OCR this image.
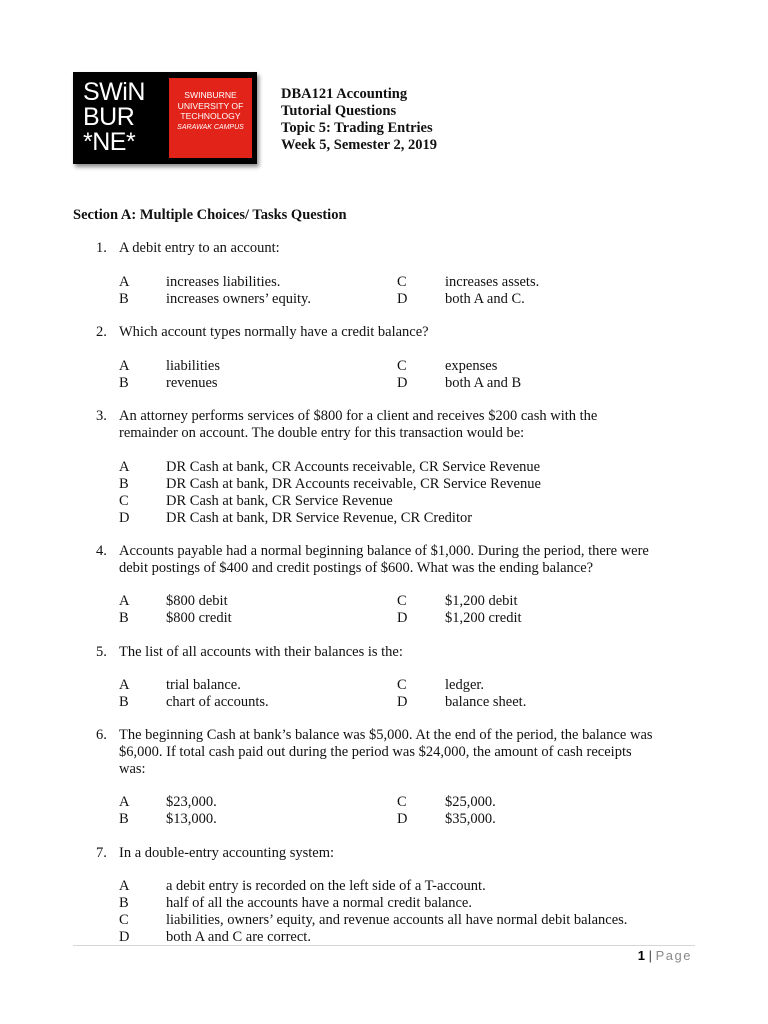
SWiN
BUR
*NE*
SWINBURNE
UNIVERSITY OF
TECHNOLOGY
SARAWAK CAMPUS
DBA121 Accounting
Tutorial Questions
Topic 5: Trading Entries
Week 5, Semester 2, 2019
Section A: Multiple Choices/ Tasks Question
1. A debit entry to an account:
A	increases liabilities.	C	increases assets.
B	increases owners’ equity.	D	both A and C.
2. Which account types normally have a credit balance?
A	liabilities	C	expenses
B	revenues	D	both A and B
3. An attorney performs services of $800 for a client and receives $200 cash with the
remainder on account. The double entry for this transaction would be:
A	DR Cash at bank, CR Accounts receivable, CR Service Revenue
B	DR Cash at bank, DR Accounts receivable, CR Service Revenue
C	DR Cash at bank, CR Service Revenue
D	DR Cash at bank, DR Service Revenue, CR Creditor
4. Accounts payable had a normal beginning balance of $1,000. During the period, there were
debit postings of $400 and credit postings of $600. What was the ending balance?
A	$800 debit	C	$1,200 debit
B	$800 credit	D	$1,200 credit
5. The list of all accounts with their balances is the:
A	trial balance.	C	ledger.
B	chart of accounts.	D	balance sheet.
6. The beginning Cash at bank’s balance was $5,000. At the end of the period, the balance was
$6,000. If total cash paid out during the period was $24,000, the amount of cash receipts
was:
A	$23,000.	C	$25,000.
B	$13,000.	D	$35,000.
7. In a double-entry accounting system:
A	a debit entry is recorded on the left side of a T-account.
B	half of all the accounts have a normal credit balance.
C	liabilities, owners’ equity, and revenue accounts all have normal debit balances.
D	both A and C are correct.
1 | Page
